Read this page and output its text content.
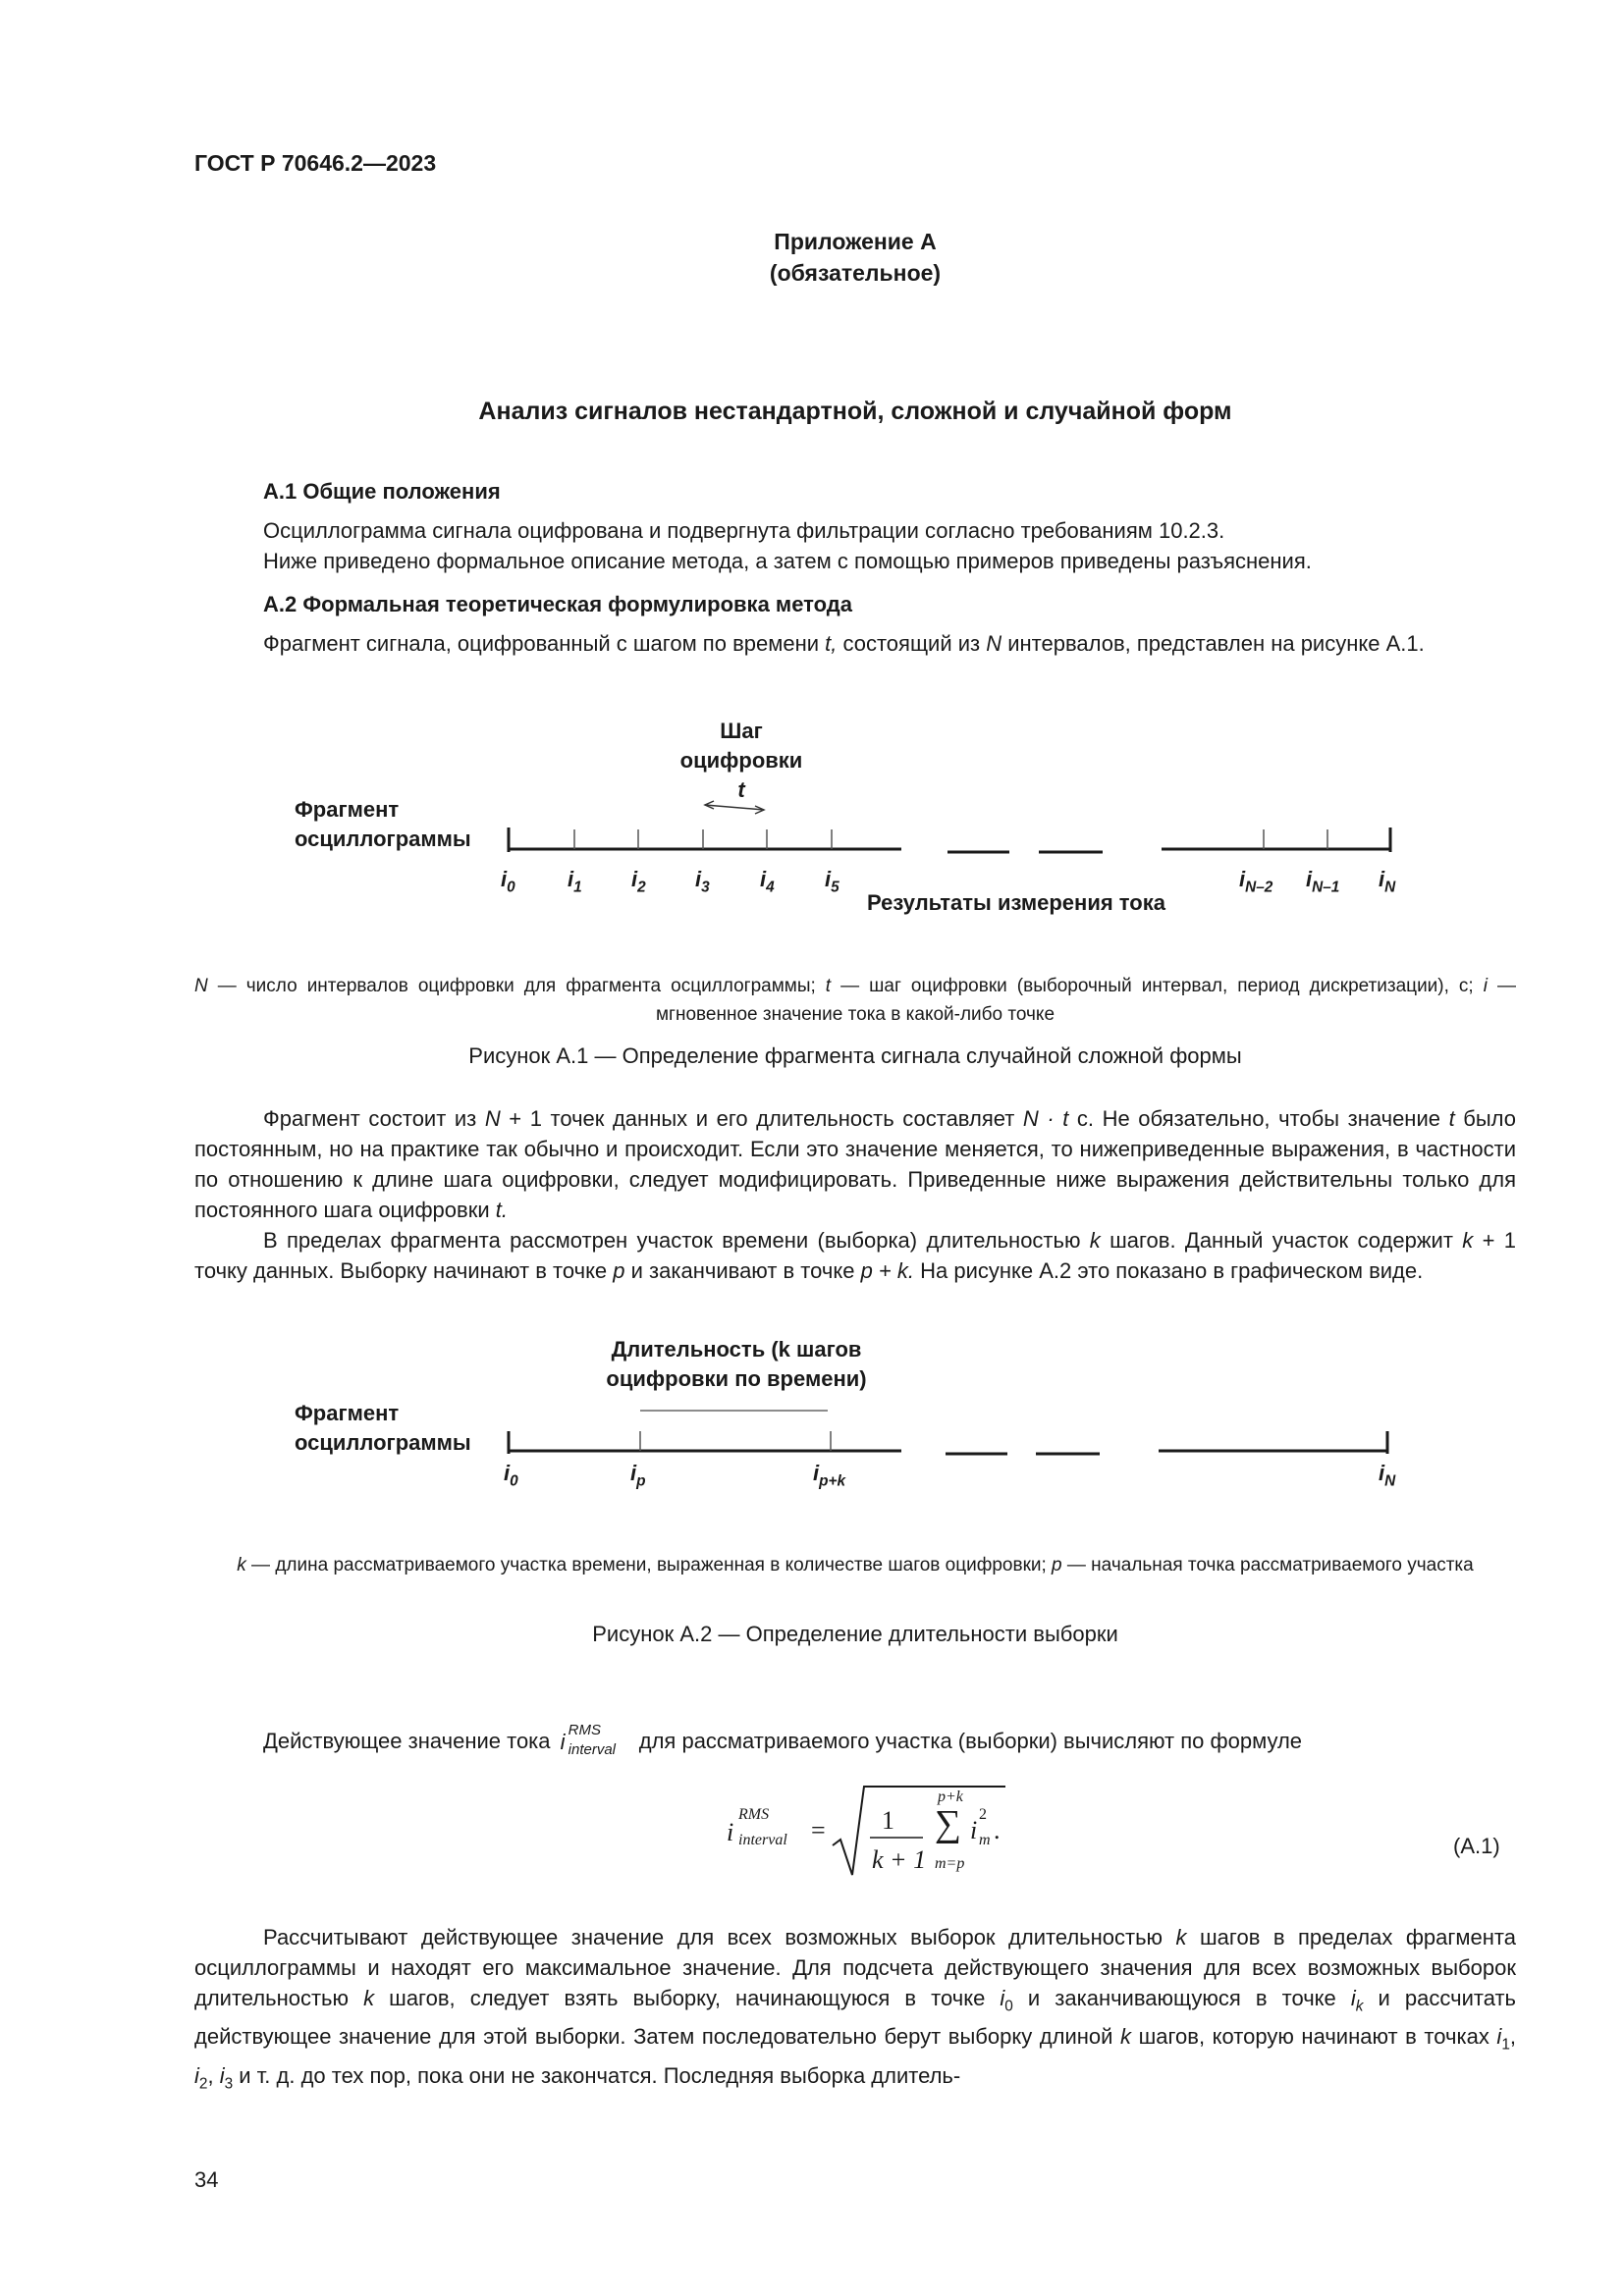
ГОСТ Р 70646.2—2023
Приложение А
(обязательное)
Анализ сигналов нестандартной, сложной и случайной форм
А.1 Общие положения
Осциллограмма сигнала оцифрована и подвергнута фильтрации согласно требованиям 10.2.3.
Ниже приведено формальное описание метода, а затем с помощью примеров приведены разъяснения.
А.2 Формальная теоретическая формулировка метода

Фрагмент сигнала, оцифрованный с шагом по времени t, состоящий из N интервалов, представлен на рисунке А.1.

Шаг
оцифровки
t
Фрагмент
осциллограммы
$i_0$ $i_1$ $i_2$ $i_3$ $i_4$ $i_5$	$i_{N-2}$ $i_{N-1}$ $i_N$
Результаты измерения тока
N — число интервалов оцифровки для фрагмента осциллограммы; t — шаг оцифровки (выборочный интервал, период дискретизации), с; i — мгновенное значение тока в какой-либо точке
Рисунок А.1 — Определение фрагмента сигнала случайной сложной формы

Фрагмент состоит из N + 1 точек данных и его длительность составляет N · t с. Не обязательно, чтобы значение t было постоянным, но на практике так обычно и происходит. Если это значение меняется, то нижеприведенные выражения, в частности по отношению к длине шага оцифровки, следует модифицировать. Приведенные ниже выражения действительны только для постоянного шага оцифровки t.

В пределах фрагмента рассмотрен участок времени (выборка) длительностью k шагов. Данный участок содержит k + 1 точку данных. Выборку начинают в точке p и заканчивают в точке p + k. На рисунке А.2 это показано в графическом виде.

Длительность (k шагов
оцифровки по времени)
Фрагмент
осциллограммы
$i_0$	$i_p$	$i_{p+k}$	$i_N$
k — длина рассматриваемого участка времени, выраженная в количестве шагов оцифровки; p — начальная точка рассматриваемого участка
Рисунок А.2 — Определение длительности выборки
Действующее значение тока i RMS
interval для рассматриваемого участка (выборки) вычисляют по формуле
i
RMS
interval = 1
k + 1
p+k
∑
m=p
i
2
m .
(А.1)

Рассчитывают действующее значение для всех возможных выборок длительностью k шагов в пределах фрагмента осциллограммы и находят его максимальное значение. Для подсчета действующего значения для всех возможных выборок длительностью k шагов, следует взять выборку, начинающуюся в точке $i_0$ и заканчивающуюся в точке $i_k$ и рассчитать действующее значение для этой выборки. Затем последовательно берут выборку длиной k шагов, которую начинают в точках $i_1$, $i_2$, $i_3$ и т. д. до тех пор, пока они не закончатся. Последняя выборка длитель-

34
